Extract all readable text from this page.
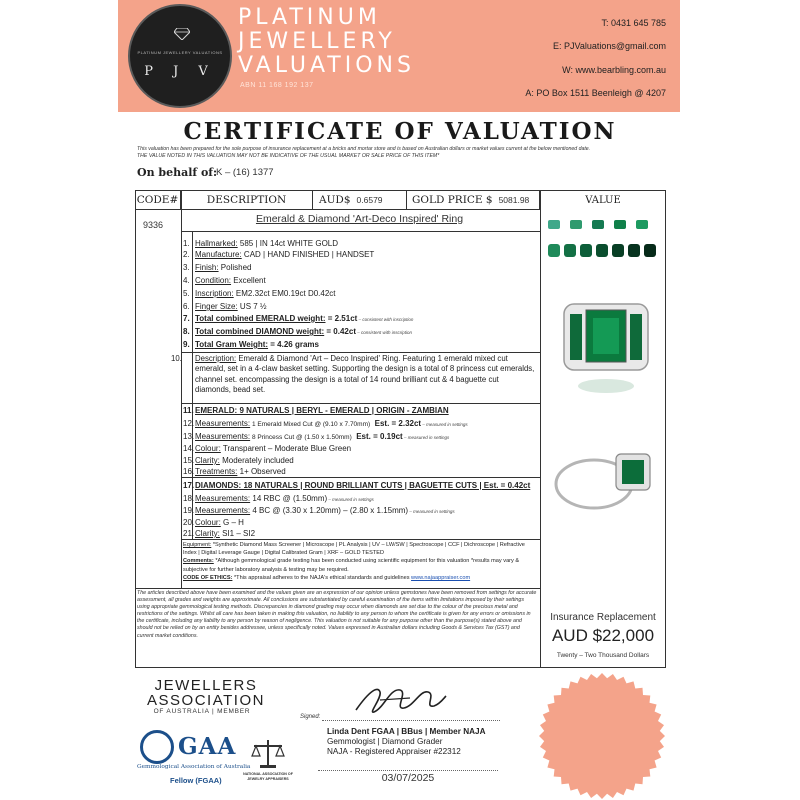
PLATINUM JEWELLERY VALUATIONS
P J V
PLATINUM
JEWELLERY
VALUATIONS
ABN 11 168 192 137
T: 0431 645 785
E: PJValuations@gmail.com
W: www.bearbling.com.au
A: PO Box 1511 Beenleigh @ 4207
CERTIFICATE OF VALUATION
This valuation has been prepared for the sole purpose of insurance replacement at a bricks and mortar store and is based on Australian dollars or market values current at the below mentioned date.
THE VALUE NOTED IN THIS VALUATION MAY NOT BE INDICATIVE OF THE USUAL MARKET OR SALE PRICE OF THIS ITEM*
On behalf of:
K – (16) 1377
CODE#	DESCRIPTION	AUD$ 0.6579	GOLD PRICE $ 5081.98	VALUE
9336	Emerald & Diamond 'Art-Deco Inspired' Ring
1. Hallmarked: 585 | IN 14ct WHITE GOLD
2. Manufacture: CAD | HAND FINISHED | HANDSET
3. Finish: Polished
4. Condition: Excellent
5. Inscription: EM2.32ct EM0.19ct D0.42ct
6. Finger Size: US 7 ½
7. Total combined EMERALD weight: = 2.51ct – consistent with inscription
8. Total combined DIAMOND weight: = 0.42ct – consistent with inscription
9. Total Gram Weight: = 4.26 grams
10. Description: Emerald & Diamond 'Art – Deco Inspired' Ring. Featuring 1 emerald mixed cut emerald, set in a 4-claw basket setting. Supporting the design is a total of 8 princess cut emeralds, channel set. encompassing the design is a total of 14 round brilliant cut & 4 baguette cut diamonds, bead set.
11.EMERALD: 9 NATURALS | BERYL - EMERALD | ORIGIN - ZAMBIAN
12.Measurements: 1 Emerald Mixed Cut @ (9.10 x 7.70mm) Est. = 2.32ct – measured in settings
13.Measurements: 8 Princess Cut @ (1.50 x 1.50mm) Est. = 0.19ct – measured in settings
14.Colour: Transparent – Moderate Blue Green
15.Clarity: Moderately included
16.Treatments: 1+ Observed
17.DIAMONDS: 18 NATURALS | ROUND BRILLIANT CUTS | BAGUETTE CUTS | Est. = 0.42ct
18.Measurements: 14 RBC @ (1.50mm) – measured in settings
19.Measurements: 4 BC @ (3.30 x 1.20mm) – (2.80 x 1.15mm) – measured in settings
20.Colour: G – H
21.Clarity: SI1 – SI2
Equipment: *Synthetic Diamond Mass Screener | Microscope | PL Analysis | UV – LW/SW | Spectroscope | CCF | Dichroscope | Refractive Index | Digital Leverage Gauge | Digital Calibrated Gram | XRF – GOLD TESTED
Comments: *Although gemmological grade testing has been conducted using scientific equipment for this valuation *results may vary & subjective for further laboratory analysis & testing may be required.
CODE OF ETHICS: *This appraisal adheres to the NAJA's ethical standards and guidelines www.najaappraiser.com
The articles described above have been examined and the values given are an expression of our opinion unless gemstones have been removed from settings for accurate assessment, all grades and weights are approximate. All conclusions are substantiated by careful examination of the items within limitations imposed by their settings using appropriate gemmological testing methods. Discrepancies in diamond grading may occur when diamonds are set due to the colour of the precious metal and restrictions of the settings. Whilst all care has been taken in making this valuation, no liability to any person to whom the certificate is given for any errors or omissions in the certificate, including any liability to any person by reason of negligence. This valuation is not suitable for any purpose other than the purpose(s) stated above and should not be relied on by an entity besides addressee, unless specifically noted. Values expressed in Australian dollars including Goods & Services Tax (GST) and current market conditions.
Insurance Replacement
AUD $22,000
Twenty – Two Thousand Dollars
JEWELLERS
ASSOCIATION
OF AUSTRALIA | MEMBER
GAA
Gemmological Association of Australia
Fellow (FGAA)
NATIONAL ASSOCIATION OF JEWELRY APPRAISERS
Signed:
Linda Dent FGAA | BBus | Member NAJA
Gemmologist | Diamond Grader
NAJA - Registered Appraiser #22312
03/07/2025
